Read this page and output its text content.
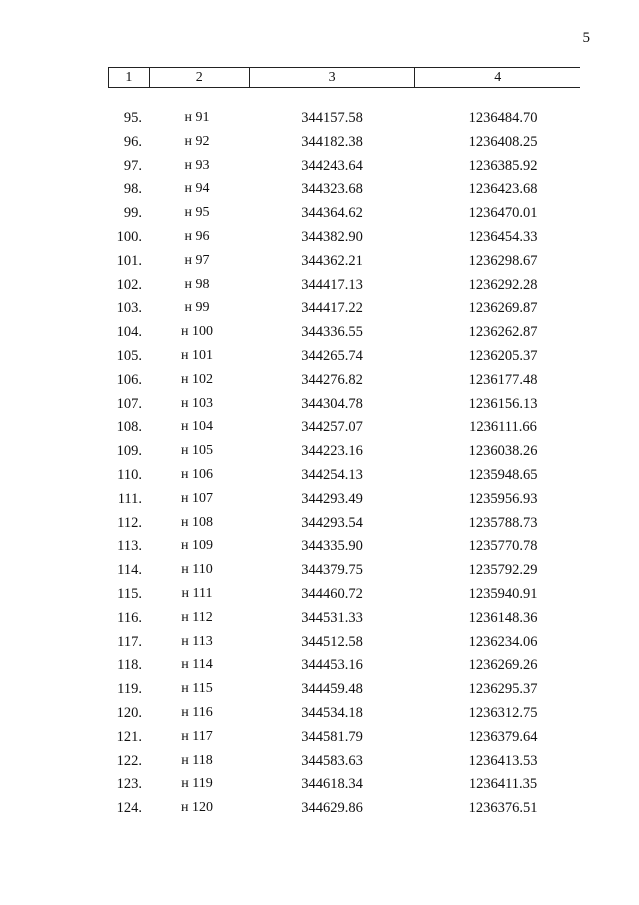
5
1	2	3	4
95.	н 91	344157.58	1236484.70
96.	н 92	344182.38	1236408.25
97.	н 93	344243.64	1236385.92
98.	н 94	344323.68	1236423.68
99.	н 95	344364.62	1236470.01
100.	н 96	344382.90	1236454.33
101.	н 97	344362.21	1236298.67
102.	н 98	344417.13	1236292.28
103.	н 99	344417.22	1236269.87
104.	н 100	344336.55	1236262.87
105.	н 101	344265.74	1236205.37
106.	н 102	344276.82	1236177.48
107.	н 103	344304.78	1236156.13
108.	н 104	344257.07	1236111.66
109.	н 105	344223.16	1236038.26
110.	н 106	344254.13	1235948.65
111.	н 107	344293.49	1235956.93
112.	н 108	344293.54	1235788.73
113.	н 109	344335.90	1235770.78
114.	н 110	344379.75	1235792.29
115.	н 111	344460.72	1235940.91
116.	н 112	344531.33	1236148.36
117.	н 113	344512.58	1236234.06
118.	н 114	344453.16	1236269.26
119.	н 115	344459.48	1236295.37
120.	н 116	344534.18	1236312.75
121.	н 117	344581.79	1236379.64
122.	н 118	344583.63	1236413.53
123.	н 119	344618.34	1236411.35
124.	н 120	344629.86	1236376.51
